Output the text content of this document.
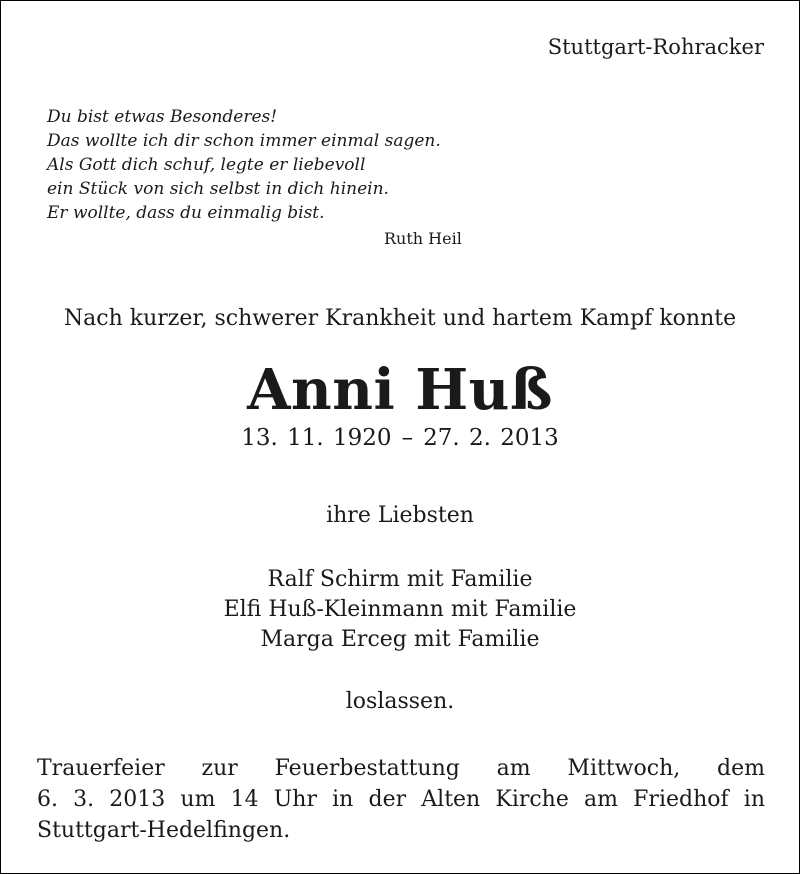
Stuttgart-Rohracker
Du bist etwas Besonderes!
Das wollte ich dir schon immer einmal sagen.
Als Gott dich schuf, legte er liebevoll
ein Stück von sich selbst in dich hinein.
Er wollte, dass du einmalig bist.
Ruth Heil
Nach kurzer, schwerer Krankheit und hartem Kampf konnte
Anni Huß
13. 11. 1920 – 27. 2. 2013
ihre Liebsten
Ralf Schirm mit Familie
Elfi Huß-Kleinmann mit Familie
Marga Erceg mit Familie
loslassen.
Trauerfeier zur Feuerbestattung am Mittwoch, dem
6. 3. 2013 um 14 Uhr in der Alten Kirche am Friedhof in
Stuttgart-Hedelfingen.
